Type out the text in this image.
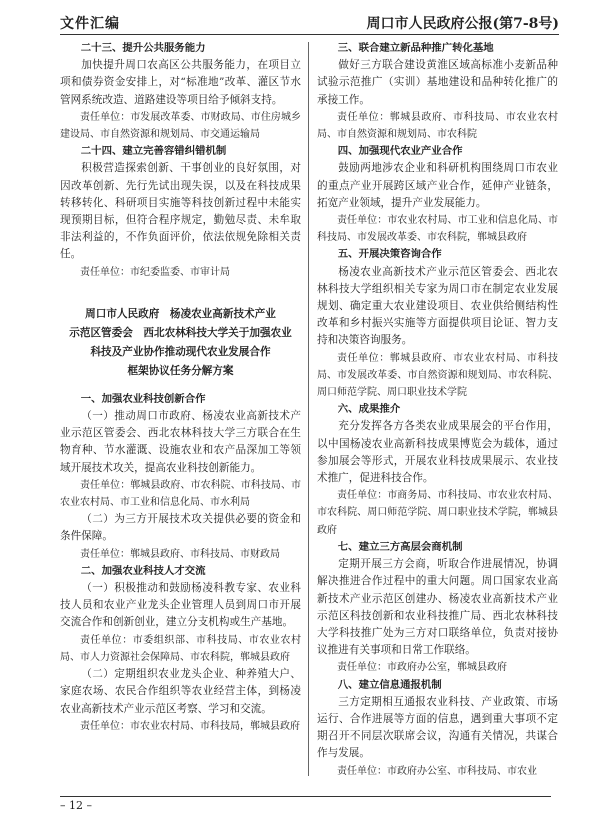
文件汇编	周口市人民政府公报(第7-8号)
二十三、提升公共服务能力

加快提升周口农高区公共服务能力，在项目立项和债券资金安排上，对“标准地”改革、灌区节水管网系统改造、道路建设等项目给予倾斜支持。

责任单位：市发展改革委、市财政局、市住房城乡建设局、市自然资源和规划局、市交通运输局

二十四、建立完善容错纠错机制

积极营造探索创新、干事创业的良好氛围，对因改革创新、先行先试出现失误，以及在科技成果转移转化、科研项目实施等科技创新过程中未能实现预期目标，但符合程序规定，勤勉尽责、未牟取非法利益的，不作负面评价，依法依规免除相关责任。

责任单位：市纪委监委、市审计局

周口市人民政府　杨凌农业高新技术产业
示范区管委会　西北农林科技大学关于加强农业
科技及产业协作推动现代农业发展合作
框架协议任务分解方案
一、加强农业科技创新合作

（一）推动周口市政府、杨凌农业高新技术产业示范区管委会、西北农林科技大学三方联合在生物育种、节水灌溉、设施农业和农产品深加工等领域开展技术攻关，提高农业科技创新能力。

责任单位：郸城县政府、市农科院、市科技局、市农业农村局、市工业和信息化局、市水利局

（二）为三方开展技术攻关提供必要的资金和条件保障。

责任单位：郸城县政府、市科技局、市财政局

二、加强农业科技人才交流

（一）积极推动和鼓励杨凌科教专家、农业科技人员和农业产业龙头企业管理人员到周口市开展交流合作和创新创业，建立分支机构或生产基地。

责任单位：市委组织部、市科技局、市农业农村局、市人力资源社会保障局、市农科院，郸城县政府

（二）定期组织农业龙头企业、种养殖大户、家庭农场、农民合作组织等农业经营主体，到杨凌农业高新技术产业示范区考察、学习和交流。

责任单位：市农业农村局、市科技局，郸城县政府

三、联合建立新品种推广转化基地

做好三方联合建设黄淮区域高标准小麦新品种试验示范推广（实训）基地建设和品种转化推广的承接工作。

责任单位：郸城县政府、市科技局、市农业农村局、市自然资源和规划局、市农科院

四、加强现代农业产业合作

鼓励两地涉农企业和科研机构围绕周口市农业的重点产业开展跨区域产业合作，延伸产业链条，拓宽产业领域，提升产业发展能力。

责任单位：市农业农村局、市工业和信息化局、市科技局、市发展改革委、市农科院，郸城县政府

五、开展决策咨询合作

杨凌农业高新技术产业示范区管委会、西北农林科技大学组织相关专家为周口市在制定农业发展规划、确定重大农业建设项目、农业供给侧结构性改革和乡村振兴实施等方面提供项目论证、智力支持和决策咨询服务。

责任单位：郸城县政府、市农业农村局、市科技局、市发展改革委、市自然资源和规划局、市农科院、周口师范学院、周口职业技术学院

六、成果推介

充分发挥各方各类农业成果展会的平台作用，以中国杨凌农业高新科技成果博览会为载体，通过参加展会等形式，开展农业科技成果展示、农业技术推广，促进科技合作。

责任单位：市商务局、市科技局、市农业农村局、市农科院、周口师范学院、周口职业技术学院，郸城县政府

七、建立三方高层会商机制

定期开展三方会商，听取合作进展情况，协调解决推进合作过程中的重大问题。周口国家农业高新技术产业示范区创建办、杨凌农业高新技术产业示范区科技创新和农业科技推广局、西北农林科技大学科技推广处为三方对口联络单位，负责对接协议推进有关事项和日常工作联络。

责任单位：市政府办公室，郸城县政府

八、建立信息通报机制

三方定期相互通报农业科技、产业政策、市场运行、合作进展等方面的信息，遇到重大事项不定期召开不同层次联席会议，沟通有关情况，共谋合作与发展。

责任单位：市政府办公室、市科技局、市农业

– 12 –
